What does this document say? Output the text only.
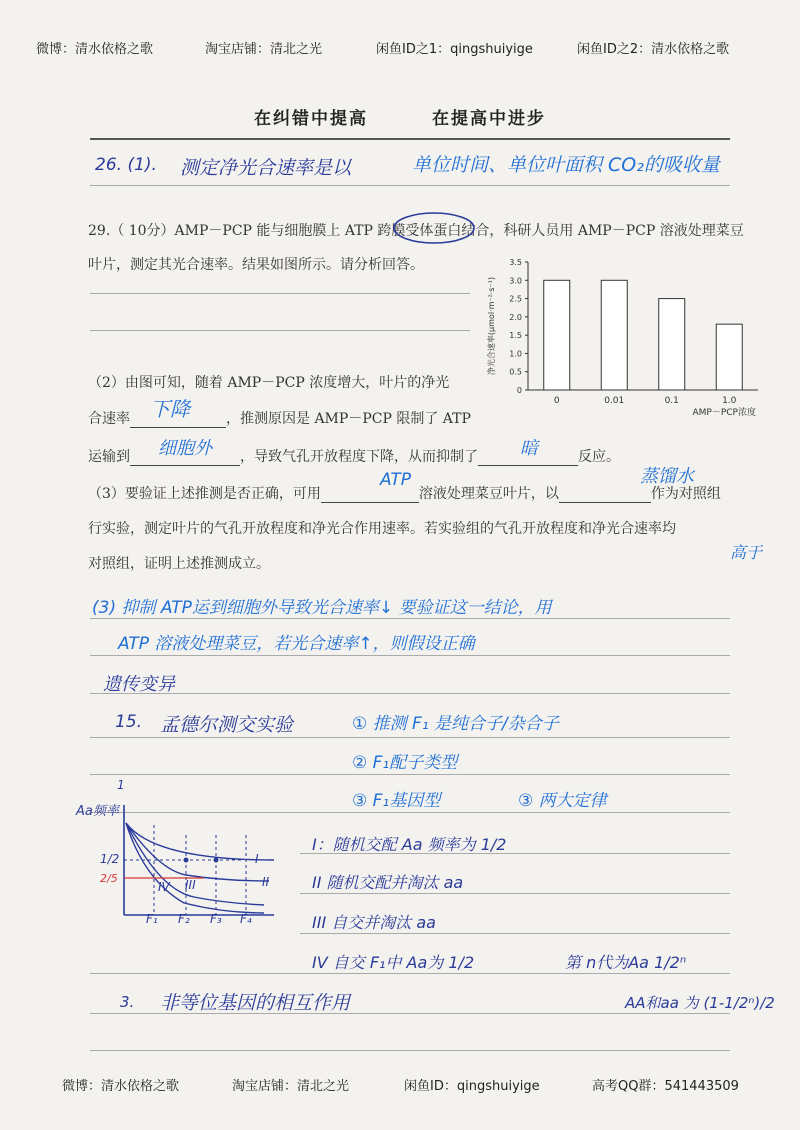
微博：清水依格之歌	淘宝店铺：清北之光	闲鱼ID之1：qingshuiyige	闲鱼ID之2：清水依格之歌
在纠错中提高	在提高中进步
26. (1). 测定净光合速率是以	单位时间、单位叶面积 CO₂的吸收量
29.（ 10分）AMP－PCP 能与细胞膜上 ATP 跨膜受体蛋白结合，科研人员用 AMP－PCP 溶液处理菜豆
叶片，测定其光合速率。结果如图所示。请分析回答。
0
0.5
1.0
1.5
2.0
2.5
3.0
3.5
0	0.01	0.1	1.0
AMP－PCP浓度
净光合速率(μmol·m⁻²·s⁻¹)
（2）由图可知，随着 AMP－PCP 浓度增大，叶片的净光
合速率	，推测原因是 AMP－PCP 限制了 ATP
下降
运输到	，导致气孔开放程度下降，从而抑制了	反应。
细胞外	暗
（3）要验证上述推测是否正确，可用	溶液处理菜豆叶片，以	作为对照组
ATP	蒸馏水
行实验，测定叶片的气孔开放程度和净光合作用速率。若实验组的气孔开放程度和净光合速率均
高于
对照组，证明上述推测成立。
(3) 抑制 ATP运到细胞外导致光合速率↓ 要验证这一结论，用
ATP 溶液处理菜豆，若光合速率↑，则假设正确
遗传变异
15. 孟德尔测交实验	① 推测 F₁ 是纯合子/杂合子
② F₁配子类型
③ F₁基因型	③ 两大定律
Aa频率
1
1/2
2/5
F₁ F₂ F₃ F₄
I
II
III
IV
I：随机交配 Aa 频率为 1/2
II 随机交配并淘汰 aa
III 自交并淘汰 aa
IV 自交 F₁中 Aa为 1/2	第 n代为Aa 1/2ⁿ
3. 非等位基因的相互作用	AA和aa 为 (1-1/2ⁿ)/2
微博：清水依格之歌	淘宝店铺：清北之光	闲鱼ID：qingshuiyige	高考QQ群：541443509
